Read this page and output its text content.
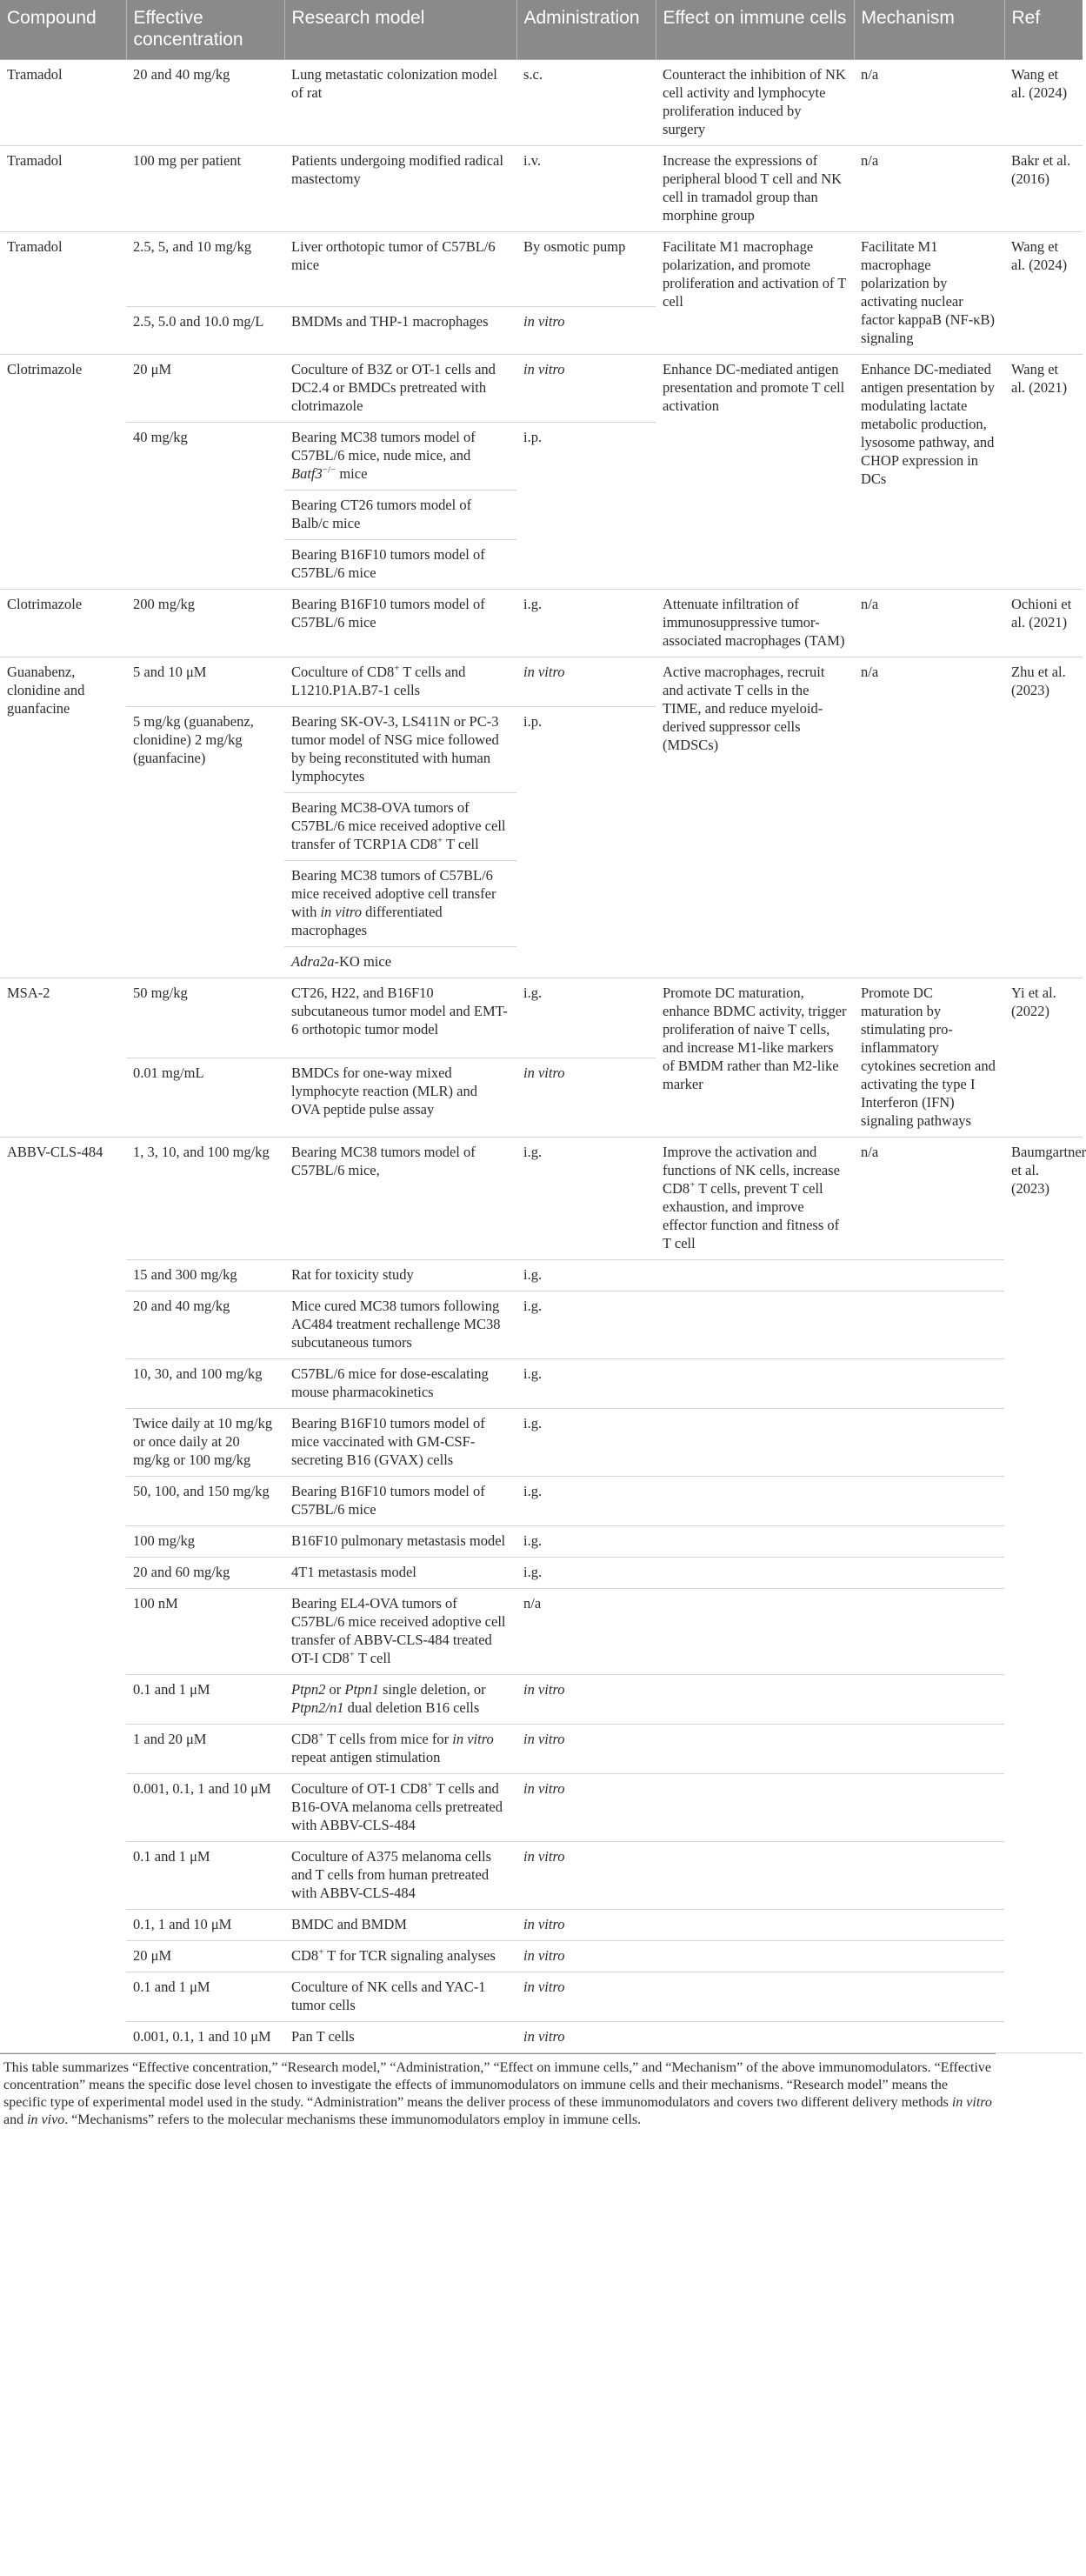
Compound	Effective concentration	Research model	Administration	Effect on immune cells	Mechanism	Ref
Tramadol	20 and 40 mg/kg	Lung metastatic colonization model of rat	s.c.	Counteract the inhibition of NK cell activity and lymphocyte proliferation induced by surgery	n/a	Wang et al. (2024)
Tramadol	100 mg per patient	Patients undergoing modified radical mastectomy	i.v.	Increase the expressions of peripheral blood T cell and NK cell in tramadol group than morphine group	n/a	Bakr et al. (2016)
Tramadol	2.5, 5, and 10 mg/kg	Liver orthotopic tumor of C57BL/6 mice	By osmotic pump	Facilitate M1 macrophage polarization, and promote proliferation and activation of T cell	Facilitate M1 macrophage polarization by activating nuclear factor kappaB (NF-κB) signaling	Wang et al. (2024)
	2.5, 5.0 and 10.0 mg/L	BMDMs and THP-1 macrophages	in vitro			
Clotrimazole	20 μM	Coculture of B3Z or OT-1 cells and DC2.4 or BMDCs pretreated with clotrimazole	in vitro	Enhance DC-mediated antigen presentation and promote T cell activation	Enhance DC-mediated antigen presentation by modulating lactate metabolic production, lysosome pathway, and CHOP expression in DCs	Wang et al. (2021)
	40 mg/kg	Bearing MC38 tumors model of C57BL/6 mice, nude mice, and Batf3−/− mice	i.p.			
		Bearing CT26 tumors model of Balb/c mice				
		Bearing B16F10 tumors model of C57BL/6 mice				
Clotrimazole	200 mg/kg	Bearing B16F10 tumors model of C57BL/6 mice	i.g.	Attenuate infiltration of immunosuppressive tumor-associated macrophages (TAM)	n/a	Ochioni et al. (2021)
Guanabenz, clonidine and guanfacine	5 and 10 μM	Coculture of CD8+ T cells and L1210.P1A.B7-1 cells	in vitro	Active macrophages, recruit and activate T cells in the TIME, and reduce myeloid-derived suppressor cells (MDSCs)	n/a	Zhu et al. (2023)
	5 mg/kg (guanabenz, clonidine) 2 mg/kg (guanfacine)	Bearing SK-OV-3, LS411N or PC-3 tumor model of NSG mice followed by being reconstituted with human lymphocytes	i.p.			
		Bearing MC38-OVA tumors of C57BL/6 mice received adoptive cell transfer of TCRP1A CD8+ T cell				
		Bearing MC38 tumors of C57BL/6 mice received adoptive cell transfer with in vitro differentiated macrophages				
		Adra2a-KO mice				
MSA-2	50 mg/kg	CT26, H22, and B16F10 subcutaneous tumor model and EMT-6 orthotopic tumor model	i.g.	Promote DC maturation, enhance BDMC activity, trigger proliferation of naive T cells, and increase M1-like markers of BMDM rather than M2-like marker	Promote DC maturation by stimulating pro-inflammatory cytokines secretion and activating the type I Interferon (IFN) signaling pathways	Yi et al. (2022)
	0.01 mg/mL	BMDCs for one-way mixed lymphocyte reaction (MLR) and OVA peptide pulse assay	in vitro			
ABBV-CLS-484	1, 3, 10, and 100 mg/kg	Bearing MC38 tumors model of C57BL/6 mice,	i.g.	Improve the activation and functions of NK cells, increase CD8+ T cells, prevent T cell exhaustion, and improve effector function and fitness of T cell	n/a	Baumgartner et al. (2023)
	15 and 300 mg/kg	Rat for toxicity study	i.g.			
	20 and 40 mg/kg	Mice cured MC38 tumors following AC484 treatment rechallenge MC38 subcutaneous tumors	i.g.			
	10, 30, and 100 mg/kg	C57BL/6 mice for dose-escalating mouse pharmacokinetics	i.g.			
	Twice daily at 10 mg/kg or once daily at 20 mg/kg or 100 mg/kg	Bearing B16F10 tumors model of mice vaccinated with GM-CSF-secreting B16 (GVAX) cells	i.g.			
	50, 100, and 150 mg/kg	Bearing B16F10 tumors model of C57BL/6 mice	i.g.			
	100 mg/kg	B16F10 pulmonary metastasis model	i.g.			
	20 and 60 mg/kg	4T1 metastasis model	i.g.			
	100 nM	Bearing EL4-OVA tumors of C57BL/6 mice received adoptive cell transfer of ABBV-CLS-484 treated OT-I CD8+ T cell	n/a			
	0.1 and 1 μM	Ptpn2 or Ptpn1 single deletion, or Ptpn2/n1 dual deletion B16 cells	in vitro			
	1 and 20 μM	CD8+ T cells from mice for in vitro repeat antigen stimulation	in vitro			
	0.001, 0.1, 1 and 10 μM	Coculture of OT-1 CD8+ T cells and B16-OVA melanoma cells pretreated with ABBV-CLS-484	in vitro			
	0.1 and 1 μM	Coculture of A375 melanoma cells and T cells from human pretreated with ABBV-CLS-484	in vitro			
	0.1, 1 and 10 μM	BMDC and BMDM	in vitro			
	20 μM	CD8+ T for TCR signaling analyses	in vitro			
	0.1 and 1 μM	Coculture of NK cells and YAC-1 tumor cells	in vitro			
	0.001, 0.1, 1 and 10 μM	Pan T cells	in vitro			
This table summarizes “Effective concentration,” “Research model,” “Administration,” “Effect on immune cells,” and “Mechanism” of the above immunomodulators. “Effective concentration” means the specific dose level chosen to investigate the effects of immunomodulators on immune cells and their mechanisms. “Research model” means the specific type of experimental model used in the study. “Administration” means the deliver process of these immunomodulators and covers two different delivery methods in vitro and in vivo. “Mechanisms” refers to the molecular mechanisms these immunomodulators employ in immune cells.
